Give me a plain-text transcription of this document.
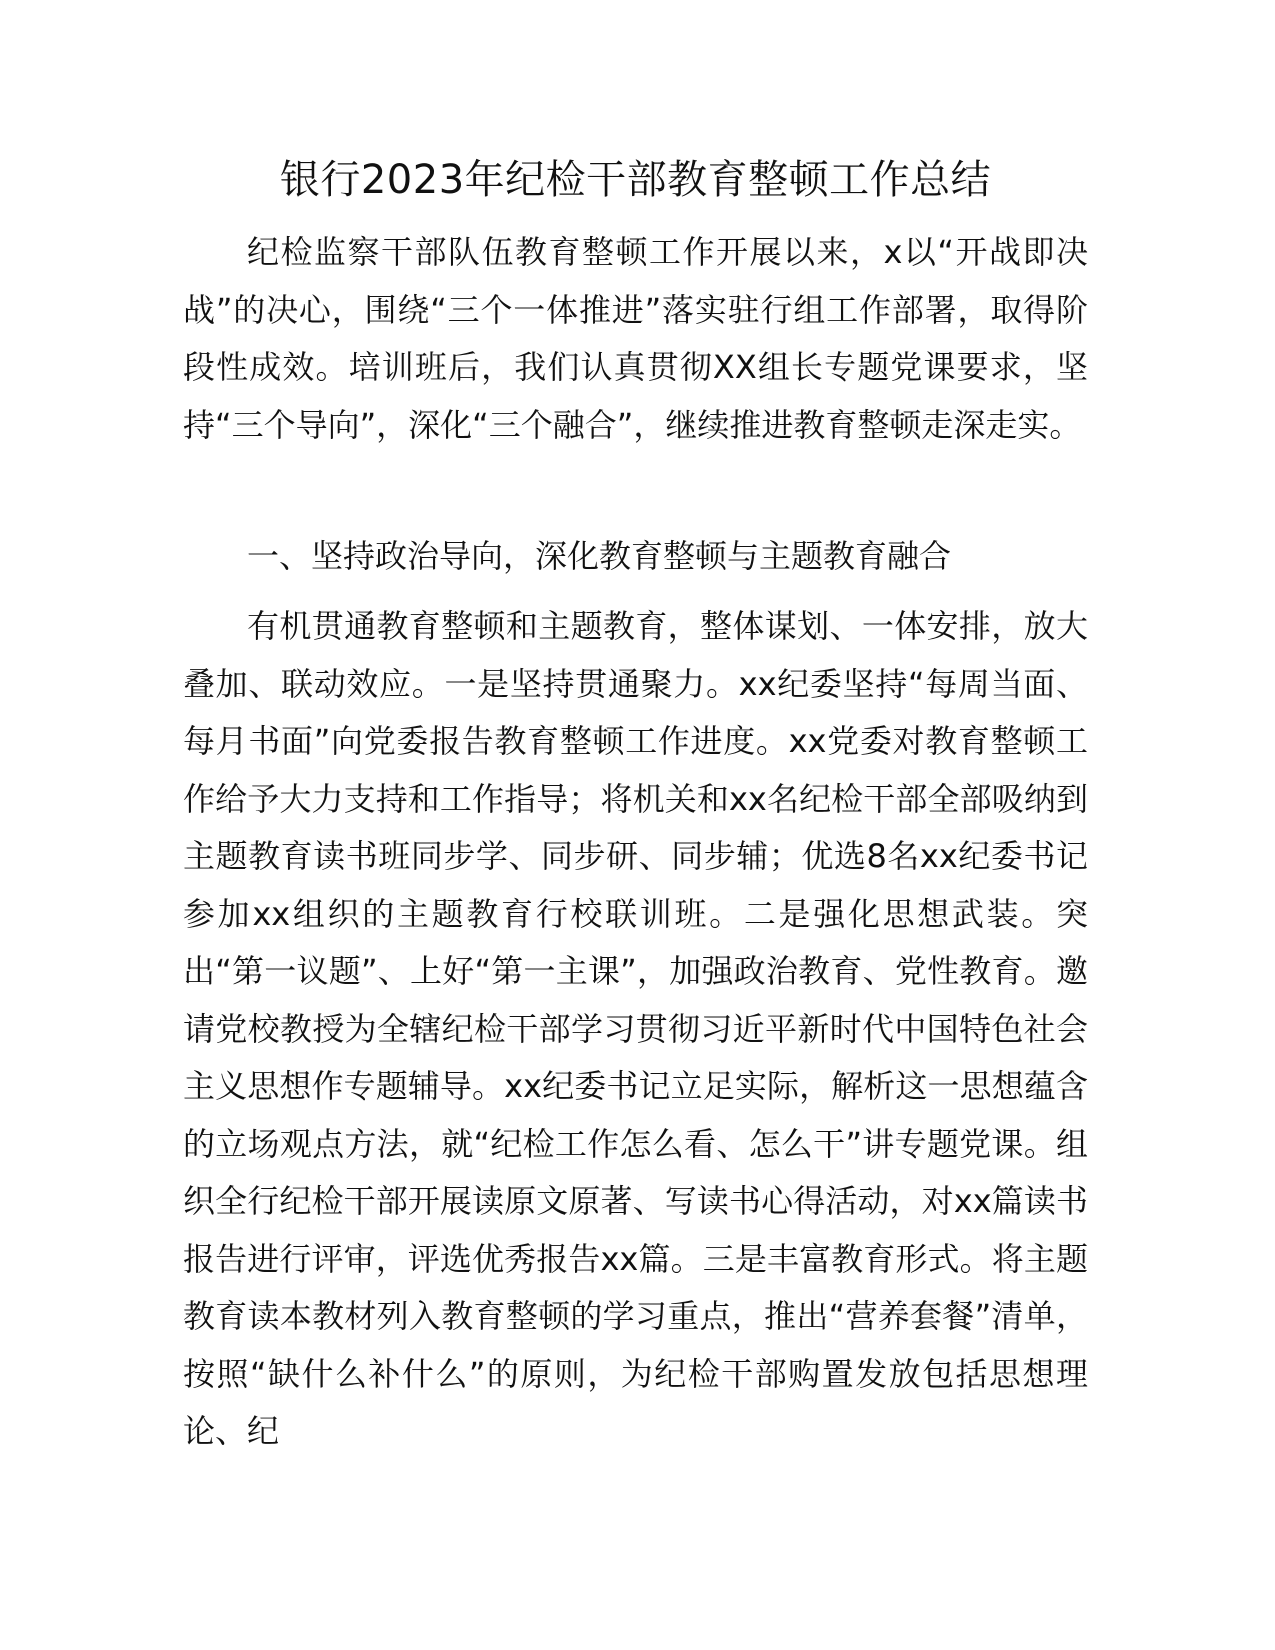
银行2023年纪检干部教育整顿工作总结

纪检监察干部队伍教育整顿工作开展以来，x以“开战即决战”的决心，围绕“三个一体推进”落实驻行组工作部署，取得阶段性成效。培训班后，我们认真贯彻XX组长专题党课要求，坚持“三个导向”，深化“三个融合”，继续推进教育整顿走深走实。

一、坚持政治导向，深化教育整顿与主题教育融合

有机贯通教育整顿和主题教育，整体谋划、一体安排，放大叠加、联动效应。一是坚持贯通聚力。xx纪委坚持“每周当面、每月书面”向党委报告教育整顿工作进度。xx党委对教育整顿工作给予大力支持和工作指导；将机关和xx名纪检干部全部吸纳到主题教育读书班同步学、同步研、同步辅；优选8名xx纪委书记参加xx组织的主题教育行校联训班。二是强化思想武装。突出“第一议题”、上好“第一主课”，加强政治教育、党性教育。邀请党校教授为全辖纪检干部学习贯彻习近平新时代中国特色社会主义思想作专题辅导。xx纪委书记立足实际，解析这一思想蕴含的立场观点方法，就“纪检工作怎么看、怎么干”讲专题党课。组织全行纪检干部开展读原文原著、写读书心得活动，对xx篇读书报告进行评审，评选优秀报告xx篇。三是丰富教育形式。将主题教育读本教材列入教育整顿的学习重点，推出“营养套餐”清单，按照“缺什么补什么”的原则，为纪检干部购置发放包括思想理论、纪
